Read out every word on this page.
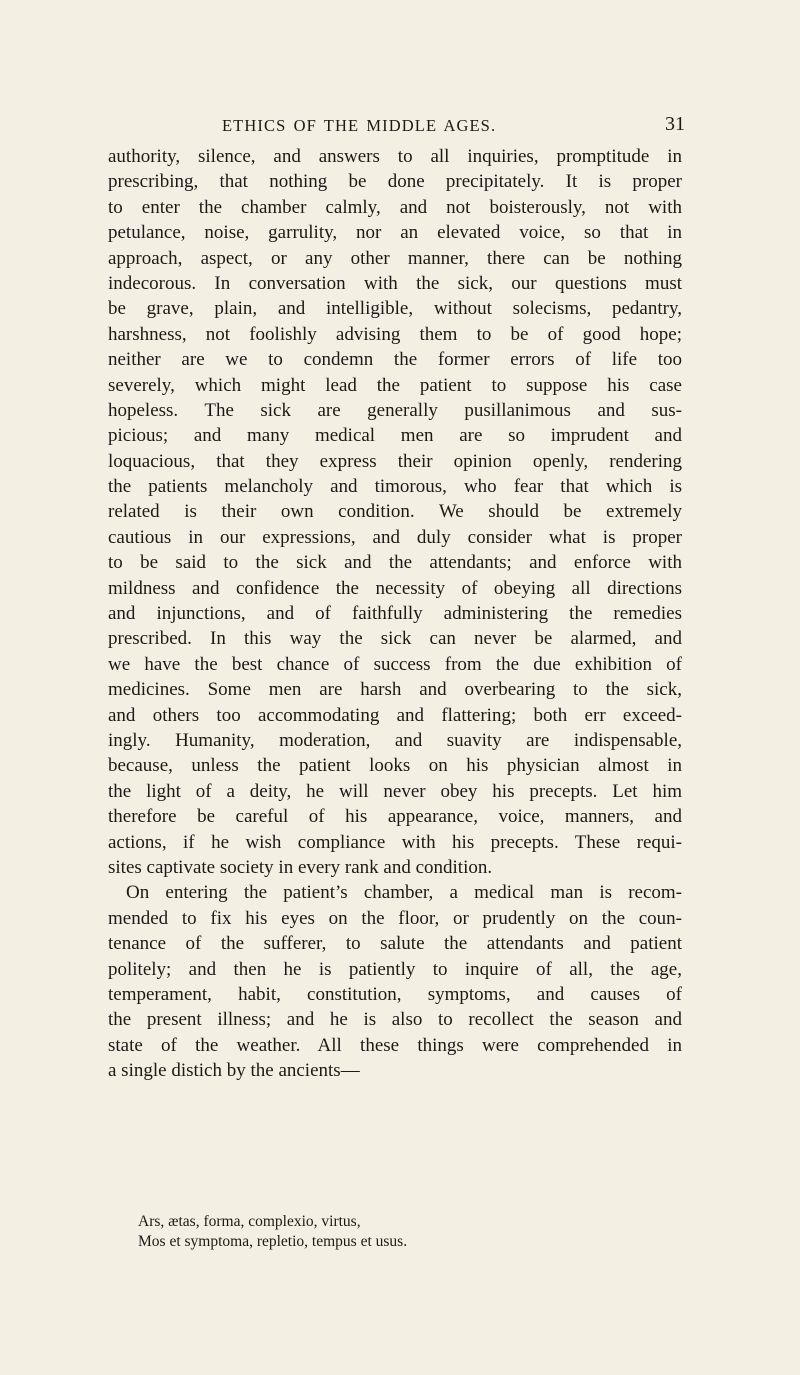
ETHICS OF THE MIDDLE AGES.	31
authority, silence, and answers to all inquiries, promptitude in
prescribing, that nothing be done precipitately. It is proper
to enter the chamber calmly, and not boisterously, not with
petulance, noise, garrulity, nor an elevated voice, so that in
approach, aspect, or any other manner, there can be nothing
indecorous. In conversation with the sick, our questions must
be grave, plain, and intelligible, without solecisms, pedantry,
harshness, not foolishly advising them to be of good hope;
neither are we to condemn the former errors of life too
severely, which might lead the patient to suppose his case
hopeless. The sick are generally pusillanimous and sus-
picious; and many medical men are so imprudent and
loquacious, that they express their opinion openly, rendering
the patients melancholy and timorous, who fear that which is
related is their own condition. We should be extremely
cautious in our expressions, and duly consider what is proper
to be said to the sick and the attendants; and enforce with
mildness and confidence the necessity of obeying all directions
and injunctions, and of faithfully administering the remedies
prescribed. In this way the sick can never be alarmed, and
we have the best chance of success from the due exhibition of
medicines. Some men are harsh and overbearing to the sick,
and others too accommodating and flattering; both err exceed-
ingly. Humanity, moderation, and suavity are indispensable,
because, unless the patient looks on his physician almost in
the light of a deity, he will never obey his precepts. Let him
therefore be careful of his appearance, voice, manners, and
actions, if he wish compliance with his precepts. These requi-
sites captivate society in every rank and condition.
On entering the patient’s chamber, a medical man is recom-
mended to fix his eyes on the floor, or prudently on the coun-
tenance of the sufferer, to salute the attendants and patient
politely; and then he is patiently to inquire of all, the age,
temperament, habit, constitution, symptoms, and causes of
the present illness; and he is also to recollect the season and
state of the weather. All these things were comprehended in
a single distich by the ancients—
Ars, ætas, forma, complexio, virtus,
Mos et symptoma, repletio, tempus et usus.
